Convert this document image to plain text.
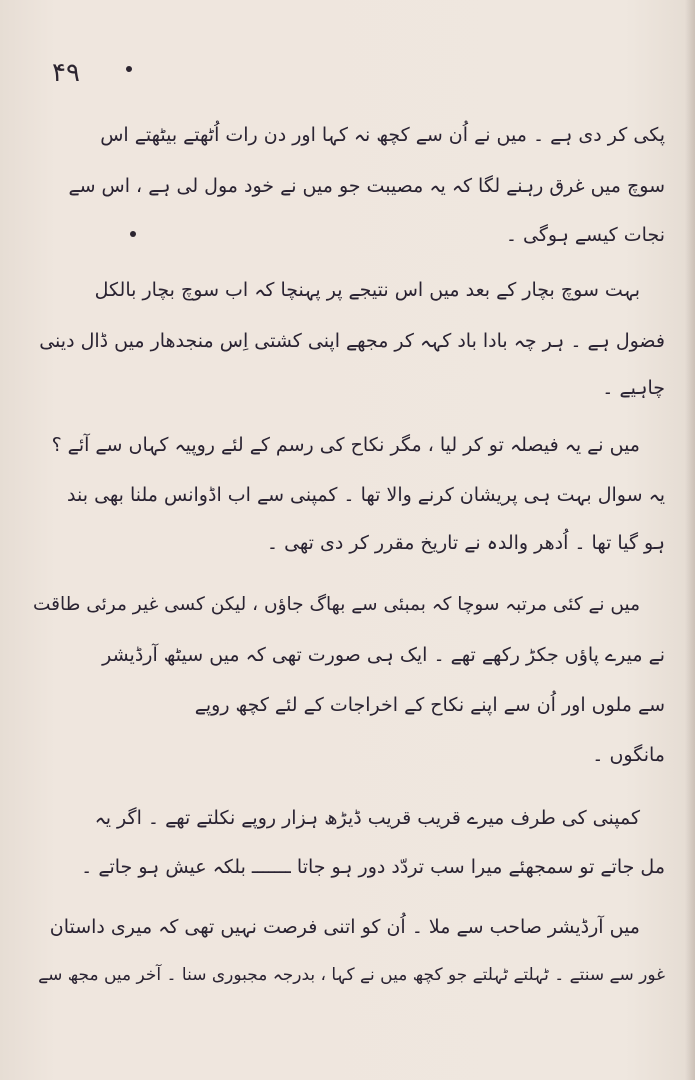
۴۹
پکی کر دی ہے ۔ میں نے اُن سے کچھ نہ کہا اور دن رات اُٹھتے بیٹھتے اس
سوچ میں غرق رہنے لگا کہ یہ مصیبت جو میں نے خود مول لی ہے ، اس سے
نجات کیسے ہوگی ۔
بہت سوچ بچار کے بعد میں اس نتیجے پر پہنچا کہ اب سوچ بچار بالکل
فضول ہے ۔ ہر چہ بادا باد کہہ کر مجھے اپنی کشتی اِس منجدھار میں ڈال دینی
چاہیے ۔
میں نے یہ فیصلہ تو کر لیا ، مگر نکاح کی رسم کے لئے روپیہ کہاں سے آئے ؟
یہ سوال بہت ہی پریشان کرنے والا تھا ۔ کمپنی سے اب اڈوانس ملنا بھی بند
ہو گیا تھا ۔ اُدھر والدہ نے تاریخ مقرر کر دی تھی ۔
میں نے کئی مرتبہ سوچا کہ بمبئی سے بھاگ جاؤں ، لیکن کسی غیر مرئی طاقت
نے میرے پاؤں جکڑ رکھے تھے ۔ ایک ہی صورت تھی کہ میں سیٹھ آرڈیشر
سے ملوں اور اُن سے اپنے نکاح کے اخراجات کے لئے کچھ روپے
مانگوں ۔
کمپنی کی طرف میرے قریب قریب ڈیڑھ ہزار روپے نکلتے تھے ۔ اگر یہ
مل جاتے تو سمجھئے میرا سب تردّد دور ہو جاتا ـــــــ بلکہ عیش ہو جاتے ۔
میں آرڈیشر صاحب سے ملا ۔ اُن کو اتنی فرصت نہیں تھی کہ میری داستان
غور سے سنتے ۔ ٹہلتے ٹہلتے جو کچھ میں نے کہا ، بدرجہ مجبوری سنا ۔ آخر میں مجھ سے
